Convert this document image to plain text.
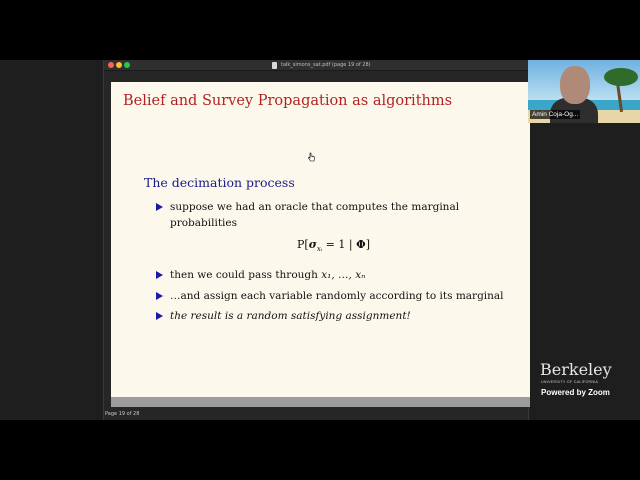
talk_simons_sat.pdf (page 19 of 28)
Belief and Survey Propagation as algorithms
The decimation process
suppose we had an oracle that computes the marginal
probabilities
$P[\sigma_{xᵢ} = 1$ | Φ]
then we could pass through x₁, …, xₙ
…and assign each variable randomly according to its marginal
the result is a random satisfying assignment!
Page 19 of 28
Amin Coja-Og...
Berkeley
UNIVERSITY OF CALIFORNIA
Powered by Zoom
